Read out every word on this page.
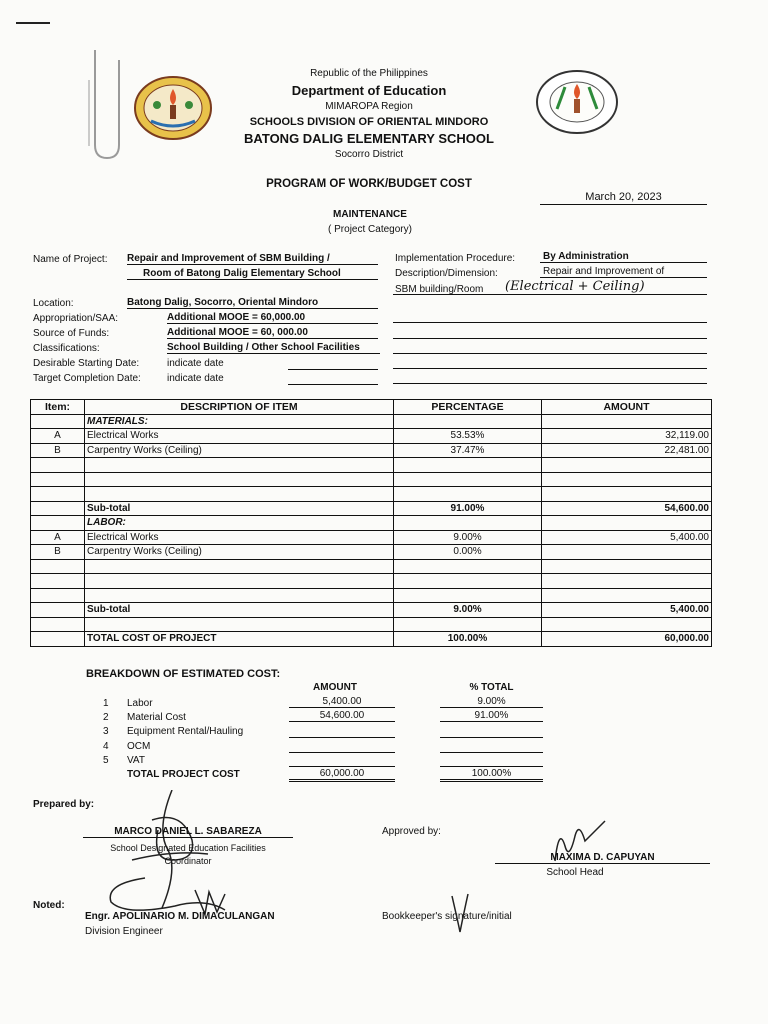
Republic of the Philippines
Department of Education
MIMAROPA Region
SCHOOLS DIVISION OF ORIENTAL MINDORO
BATONG DALIG ELEMENTARY SCHOOL
Socorro District
PROGRAM OF WORK/BUDGET COST
March 20, 2023
MAINTENANCE
( Project Category)
Name of Project: Repair and Improvement of SBM Building /
Room of Batong Dalig Elementary School
Location:	Batong Dalig, Socorro, Oriental Mindoro
Appropriation/SAA:	Additional MOOE = 60,000.00
Source of Funds:	Additional MOOE = 60, 000.00
Classifications:	School Building / Other School Facilities
Desirable Starting Date:	indicate date
Target Completion Date:	indicate date
Implementation Procedure:	By Administration
Description/Dimension:	Repair and Improvement of
SBM building/Room (Electrical + Ceiling)
Item:	DESCRIPTION OF ITEM	PERCENTAGE	AMOUNT
	MATERIALS:		
A	Electrical Works	53.53%	32,119.00
B	Carpentry Works (Ceiling)	37.47%	22,481.00

	Sub-total	91.00%	54,600.00
	LABOR:		
A	Electrical Works	9.00%	5,400.00
B	Carpentry Works (Ceiling)	0.00%	

	Sub-total	9.00%	5,400.00

	TOTAL COST OF PROJECT	100.00%	60,000.00
BREAKDOWN OF ESTIMATED COST:
AMOUNT	% TOTAL
1 Labor	5,400.00	9.00%
2 Material Cost	54,600.00	91.00%
3 Equipment Rental/Hauling
4 OCM
5 VAT
TOTAL PROJECT COST	60,000.00	100.00%
Prepared by:
MARCO DANIEL L. SABAREZA
School Designated Education Facilities
Coordinator
Approved by:
MAXIMA D. CAPUYAN
School Head
Noted:
Engr. APOLINARIO M. DIMACULANGAN
Division Engineer
Bookkeeper's signature/initial
